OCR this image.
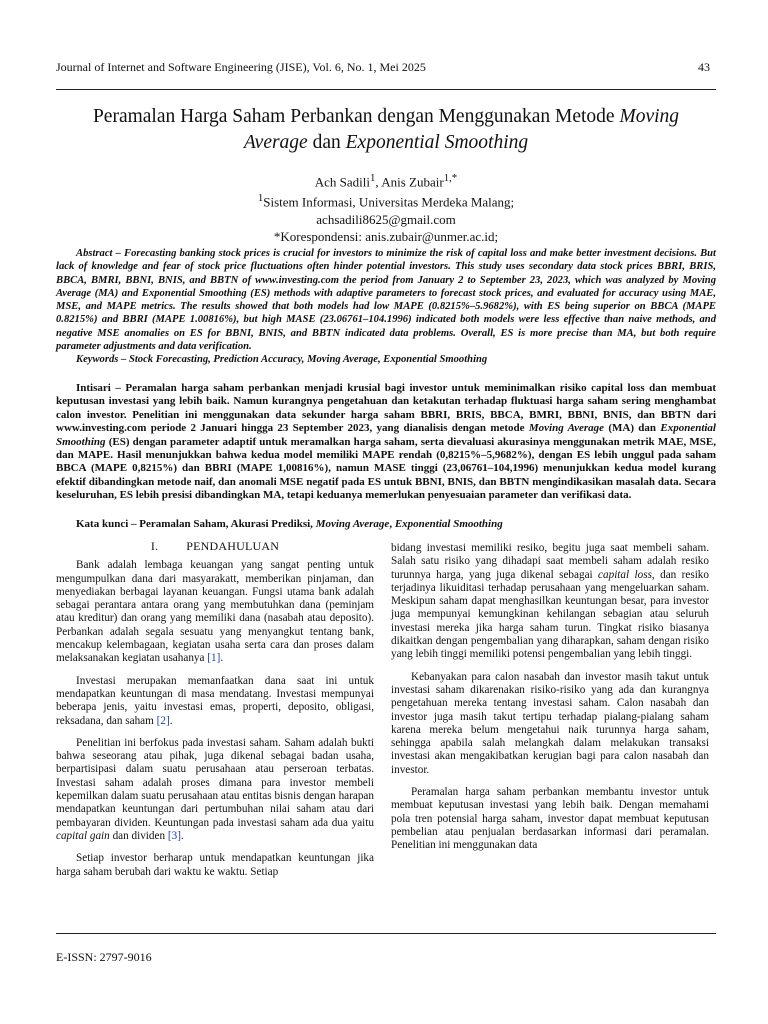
Journal of Internet and Software Engineering (JISE), Vol. 6, No. 1, Mei 2025	43
Peramalan Harga Saham Perbankan dengan Menggunakan Metode Moving
Average dan Exponential Smoothing
Ach Sadili$^1$, Anis Zubair$^{1,*}$
$^1$Sistem Informasi, Universitas Merdeka Malang;
achsadili8625@gmail.com
*Korespondensi: anis.zubair@unmer.ac.id;
Abstract – Forecasting banking stock prices is crucial for investors to minimize the risk of capital loss and make better investment decisions. But lack of knowledge and fear of stock price fluctuations often hinder potential investors. This study uses secondary data stock prices BBRI, BRIS, BBCA, BMRI, BBNI, BNIS, and BBTN of www.investing.com the period from January 2 to September 23, 2023, which was analyzed by Moving Average (MA) and Exponential Smoothing (ES) methods with adaptive parameters to forecast stock prices, and evaluated for accuracy using MAE, MSE, and MAPE metrics. The results showed that both models had low MAPE (0.8215%–5.9682%), with ES being superior on BBCA (MAPE 0.8215%) and BBRI (MAPE 1.00816%), but high MASE (23.06761–104.1996) indicated both models were less effective than naive methods, and negative MSE anomalies on ES for BBNI, BNIS, and BBTN indicated data problems. Overall, ES is more precise than MA, but both require parameter adjustments and data verification.
Keywords – Stock Forecasting, Prediction Accuracy, Moving Average, Exponential Smoothing
Intisari – Peramalan harga saham perbankan menjadi krusial bagi investor untuk meminimalkan risiko capital loss dan membuat keputusan investasi yang lebih baik. Namun kurangnya pengetahuan dan ketakutan terhadap fluktuasi harga saham sering menghambat calon investor. Penelitian ini menggunakan data sekunder harga saham BBRI, BRIS, BBCA, BMRI, BBNI, BNIS, dan BBTN dari www.investing.com periode 2 Januari hingga 23 September 2023, yang dianalisis dengan metode Moving Average (MA) dan Exponential Smoothing (ES) dengan parameter adaptif untuk meramalkan harga saham, serta dievaluasi akurasinya menggunakan metrik MAE, MSE, dan MAPE. Hasil menunjukkan bahwa kedua model memiliki MAPE rendah (0,8215%–5,9682%), dengan ES lebih unggul pada saham BBCA (MAPE 0,8215%) dan BBRI (MAPE 1,00816%), namun MASE tinggi (23,06761–104,1996) menunjukkan kedua model kurang efektif dibandingkan metode naif, dan anomali MSE negatif pada ES untuk BBNI, BNIS, dan BBTN mengindikasikan masalah data. Secara keseluruhan, ES lebih presisi dibandingkan MA, tetapi keduanya memerlukan penyesuaian parameter dan verifikasi data.
Kata kunci – Peramalan Saham, Akurasi Prediksi, Moving Average, Exponential Smoothing
I. PENDAHULUAN

Bank adalah lembaga keuangan yang sangat penting untuk mengumpulkan dana dari masyarakatt, memberikan pinjaman, dan menyediakan berbagai layanan keuangan. Fungsi utama bank adalah sebagai perantara antara orang yang membutuhkan dana (peminjam atau kreditur) dan orang yang memiliki dana (nasabah atau deposito). Perbankan adalah segala sesuatu yang menyangkut tentang bank, mencakup kelembagaan, kegiatan usaha serta cara dan proses dalam melaksanakan kegiatan usahanya [1].

Investasi merupakan memanfaatkan dana saat ini untuk mendapatkan keuntungan di masa mendatang. Investasi mempunyai beberapa jenis, yaitu investasi emas, properti, deposito, obligasi, reksadana, dan saham [2].

Penelitian ini berfokus pada investasi saham. Saham adalah bukti bahwa seseorang atau pihak, juga dikenal sebagai badan usaha, berpartisipasi dalam suatu perusahaan atau perseroan terbatas. Investasi saham adalah proses dimana para investor membeli kepemilkan dalam suatu perusahaan atau entitas bisnis dengan harapan mendapatkan keuntungan dari pertumbuhan nilai saham atau dari pembayaran dividen. Keuntungan pada investasi saham ada dua yaitu capital gain dan dividen [3].

Setiap investor berharap untuk mendapatkan keuntungan jika harga saham berubah dari waktu ke waktu. Setiap

bidang investasi memiliki resiko, begitu juga saat membeli saham. Salah satu risiko yang dihadapi saat membeli saham adalah resiko turunnya harga, yang juga dikenal sebagai capital loss, dan resiko terjadinya likuiditasi terhadap perusahaan yang mengeluarkan saham. Meskipun saham dapat menghasilkan keuntungan besar, para investor juga mempunyai kemungkinan kehilangan sebagian atau seluruh investasi mereka jika harga saham turun. Tingkat risiko biasanya dikaitkan dengan pengembalian yang diharapkan, saham dengan risiko yang lebih tinggi memiliki potensi pengembalian yang lebih tinggi.

Kebanyakan para calon nasabah dan investor masih takut untuk investasi saham dikarenakan risiko-risiko yang ada dan kurangnya pengetahuan mereka tentang investasi saham. Calon nasabah dan investor juga masih takut tertipu terhadap pialang-pialang saham karena mereka belum mengetahui naik turunnya harga saham, sehingga apabila salah melangkah dalam melakukan transaksi investasi akan mengakibatkan kerugian bagi para calon nasabah dan investor.

Peramalan harga saham perbankan membantu investor untuk membuat keputusan investasi yang lebih baik. Dengan memahami pola tren potensial harga saham, investor dapat membuat keputusan pembelian atau penjualan berdasarkan informasi dari peramalan. Penelitian ini menggunakan data

E-ISSN: 2797-9016
